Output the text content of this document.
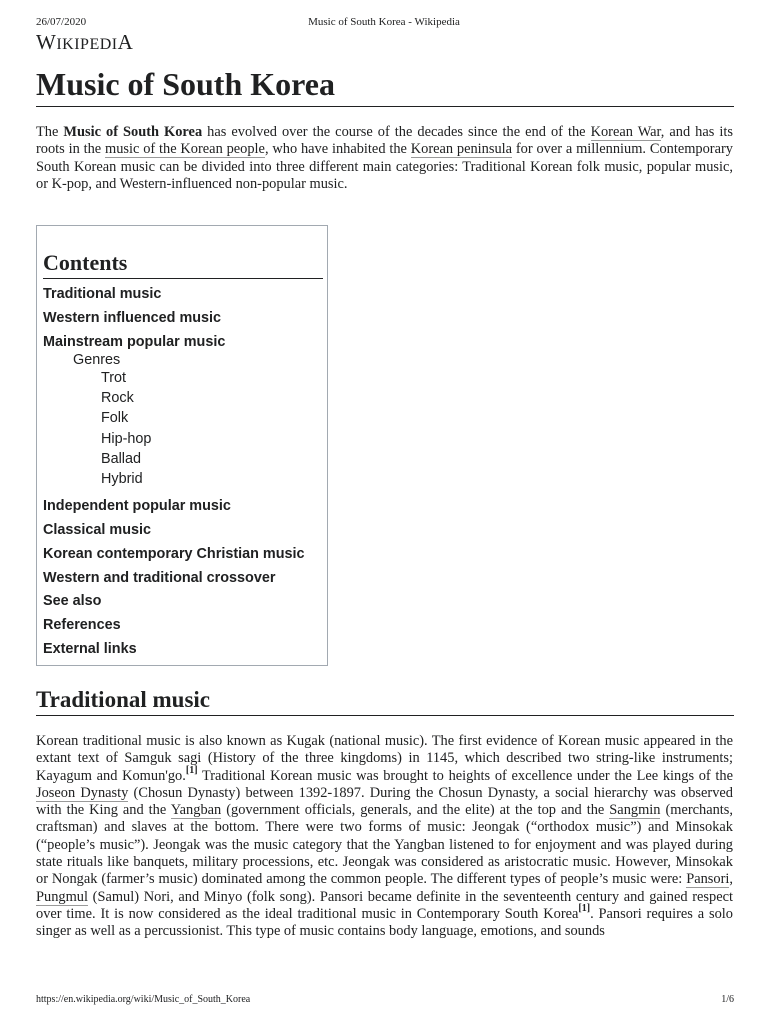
26/07/2020	Music of South Korea - Wikipedia
WIKIPEDIA
Music of South Korea

The Music of South Korea has evolved over the course of the decades since the end of the Korean War, and has its roots in the music of the Korean people, who have inhabited the Korean peninsula for over a millennium. Contemporary South Korean music can be divided into three different main categories: Traditional Korean folk music, popular music, or K-pop, and Western-influenced non-popular music.

Contents
Traditional music
Western influenced music
Mainstream popular music
Genres
Trot
Rock
Folk
Hip-hop
Ballad
Hybrid
Independent popular music
Classical music
Korean contemporary Christian music
Western and traditional crossover
See also
References
External links
Traditional music

Korean traditional music is also known as Kugak (national music). The first evidence of Korean music appeared in the extant text of Samguk sagi (History of the three kingdoms) in 1145, which described two string-like instruments; Kayagum and Komun'go.[1] Traditional Korean music was brought to heights of excellence under the Lee kings of the Joseon Dynasty (Chosun Dynasty) between 1392-1897. During the Chosun Dynasty, a social hierarchy was observed with the King and the Yangban (government officials, generals, and the elite) at the top and the Sangmin (merchants, craftsman) and slaves at the bottom. There were two forms of music: Jeongak (“orthodox music”) and Minsokak (“people’s music”). Jeongak was the music category that the Yangban listened to for enjoyment and was played during state rituals like banquets, military processions, etc. Jeongak was considered as aristocratic music. However, Minsokak or Nongak (farmer’s music) dominated among the common people. The different types of people’s music were: Pansori, Pungmul (Samul) Nori, and Minyo (folk song). Pansori became definite in the seventeenth century and gained respect over time. It is now considered as the ideal traditional music in Contemporary South Korea[1]. Pansori requires a solo singer as well as a percussionist. This type of music contains body language, emotions, and sounds

https://en.wikipedia.org/wiki/Music_of_South_Korea	1/6
